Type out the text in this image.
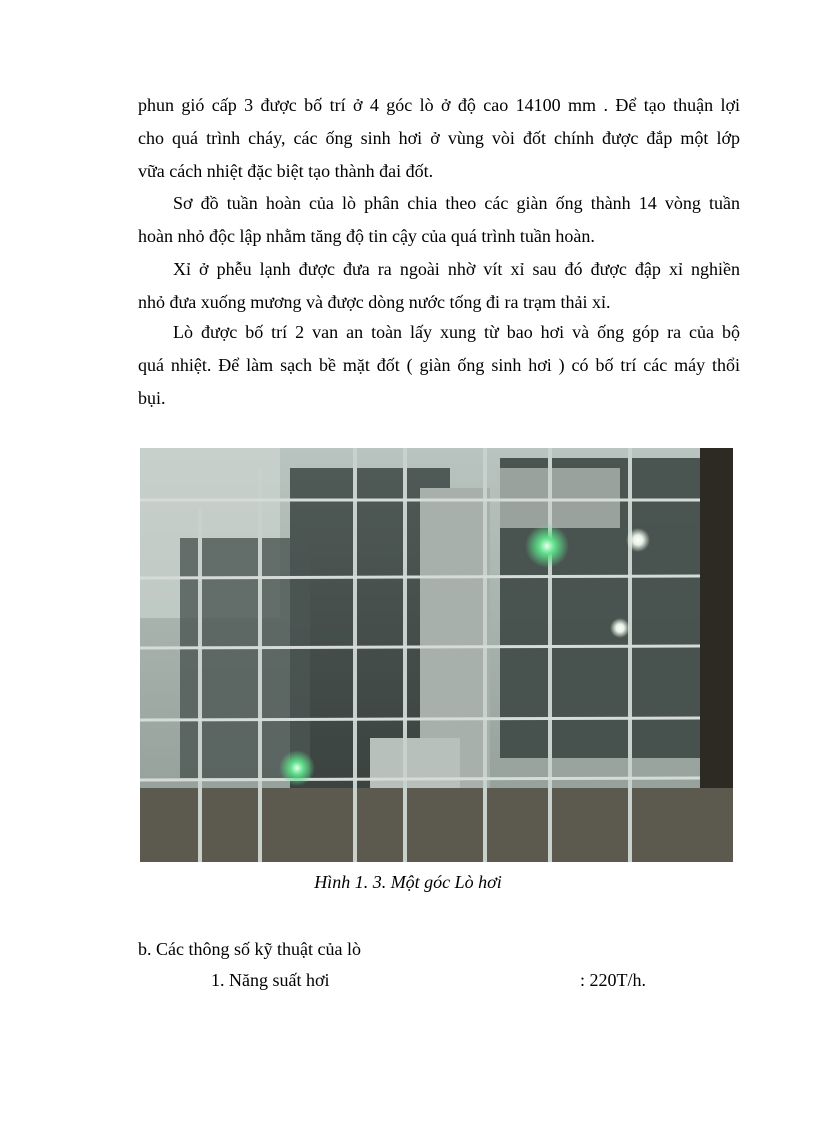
phun gió cấp 3 được bố trí ở 4 góc lò ở độ cao 14100 mm . Để tạo thuận lợi
cho quá trình cháy, các ống sinh hơi ở vùng vòi đốt chính được đắp một lớp
vữa cách nhiệt đặc biệt tạo thành đai đốt.
Sơ đồ tuần hoàn của lò phân chia theo các giàn ống thành 14 vòng tuần
hoàn nhỏ độc lập nhằm tăng độ tin cậy của quá trình tuần hoàn.
Xỉ ở phễu lạnh được đưa ra ngoài nhờ vít xỉ sau đó được đập xỉ nghiền
nhỏ đưa xuống mương và được dòng nước tống đi ra trạm thải xỉ.
Lò được bố trí 2 van an toàn lấy xung từ bao hơi và ống góp ra của bộ
quá nhiệt. Để làm sạch bề mặt đốt ( giàn ống sinh hơi ) có bố trí các máy thổi
bụi.
Hình 1. 3. Một góc Lò hơi
b. Các thông số kỹ thuật của lò
1. Năng suất hơi	: 220T/h.
